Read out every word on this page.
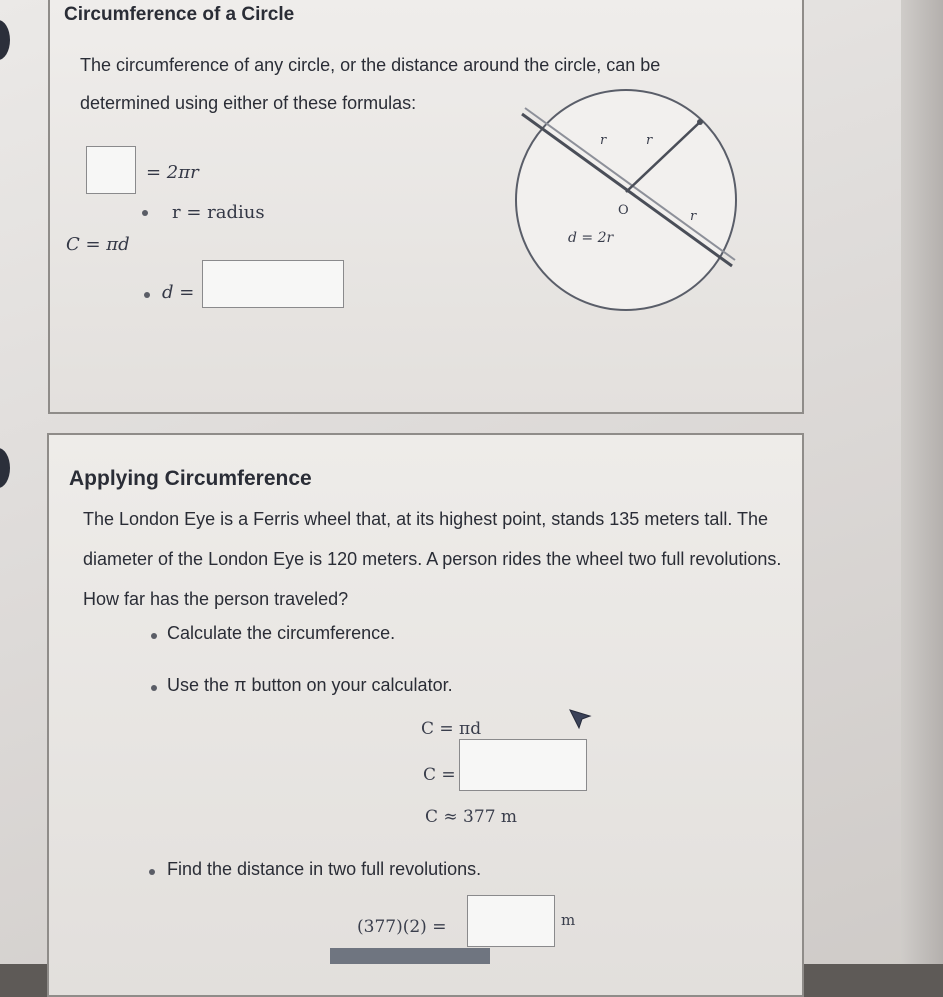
Circumference of a Circle
The circumference of any circle, or the distance around the circle, can be determined using either of these formulas:
= 2πr
r = radius
C = πd
d =
O
d = 2r
r
r
r
Applying Circumference
The London Eye is a Ferris wheel that, at its highest point, stands 135 meters tall. The diameter of the London Eye is 120 meters. A person rides the wheel two full revolutions. How far has the person traveled?
Calculate the circumference.
Use the π button on your calculator.
C = πd
C =
C ≈ 377 m
Find the distance in two full revolutions.
(377)(2) =	m
